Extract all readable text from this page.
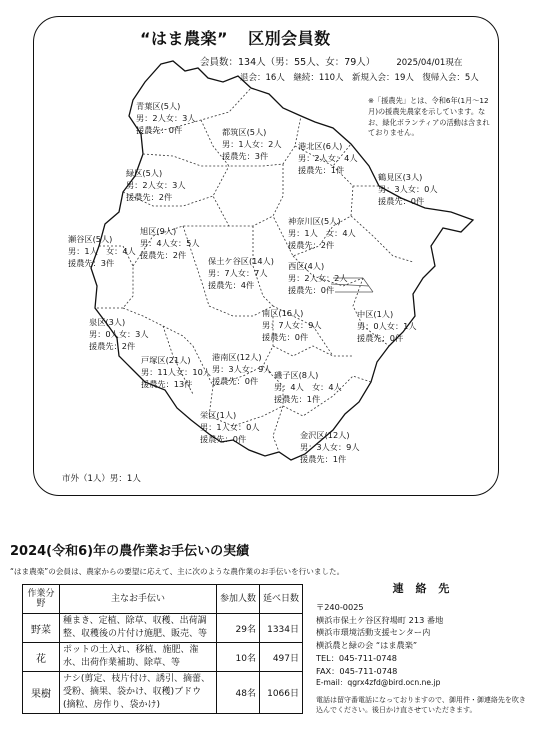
“はま農楽” 区別会員数
会員数：134人（男：55人、女：79人） 2025/04/01現在
退会：16人　継続：110人　新規入会：19人　復帰入会：5人
※「援農先」とは、令和6年(1月〜12月)の援農先農家を示しています。なお、緑化ボランティアの活動は含まれておりません。
青葉区(5人)
男：2人女：3人
援農先：0件	都筑区(5人)
男：1人女：2人
援農先：3件
港北区(6人)
男：2人女：4人
援農先：1件
鶴見区(3人)
男：3人女：0人
援農先：0件
緑区(5人)
男：2人女：3人
援農先：2件
神奈川区(5人)
男：1人　女：4人
援農先：2件
瀬谷区(5人)
男：1人　女：4人
援農先：3件
旭区(9人)
男：4人女：5人
援農先：2件
保土ケ谷区(14人)
男：7人女：7人
援農先：4件
西区(4人)
男：2人女：2人
援農先：0件
中区(1人)
男：0人女：1人
援農先：0件
南区(16人)
男：7人女：9人
援農先：0件
泉区(3人)
男：0人女：3人
援農先：2件
戸塚区(21人)
男：11人女：10人
援農先：13件
港南区(12人)
男：3人女：9人
援農先：0件
磯子区(8人)
男：4人　女：4人
援農先：1件
栄区(1人)
男：1人女：0人
援農先：0件	金沢区(12人)
男：3人女：9人
援農先：1件
市外（1人）男：1人
2024(令和6)年の農作業お手伝いの実績
“はま農楽”の会員は、農家からの要望に応えて、主に次のような農作業のお手伝いを行いました。
作業分野	主なお手伝い	参加人数	延べ日数
野菜	種まき、定植、除草、収穫、出荷調整、収穫後の片付け施肥、販売、等	29名	1334日
花	ポットの土入れ、移植、施肥、潅水、出荷作業補助、除草、等	10名	497日
果樹	ナシ(剪定、枝片付け、誘引、摘蕾、受粉、摘果、袋かけ、収穫)ブドウ(摘粒、房作り、袋かけ)	48名	1066日
連 絡 先
〒240-0025
横浜市保土ケ谷区狩場町 213 番地
横浜市環境活動支援センター内
横浜農と緑の会 “はま農楽”
TEL：045-711-0748
FAX：045-711-0748
E-mail：qgrx4zfd@bird.ocn.ne.jp
電話は留守番電話になっておりますので、御用件・御連絡先を吹き込んでください。後日かけ直させていただきます。
